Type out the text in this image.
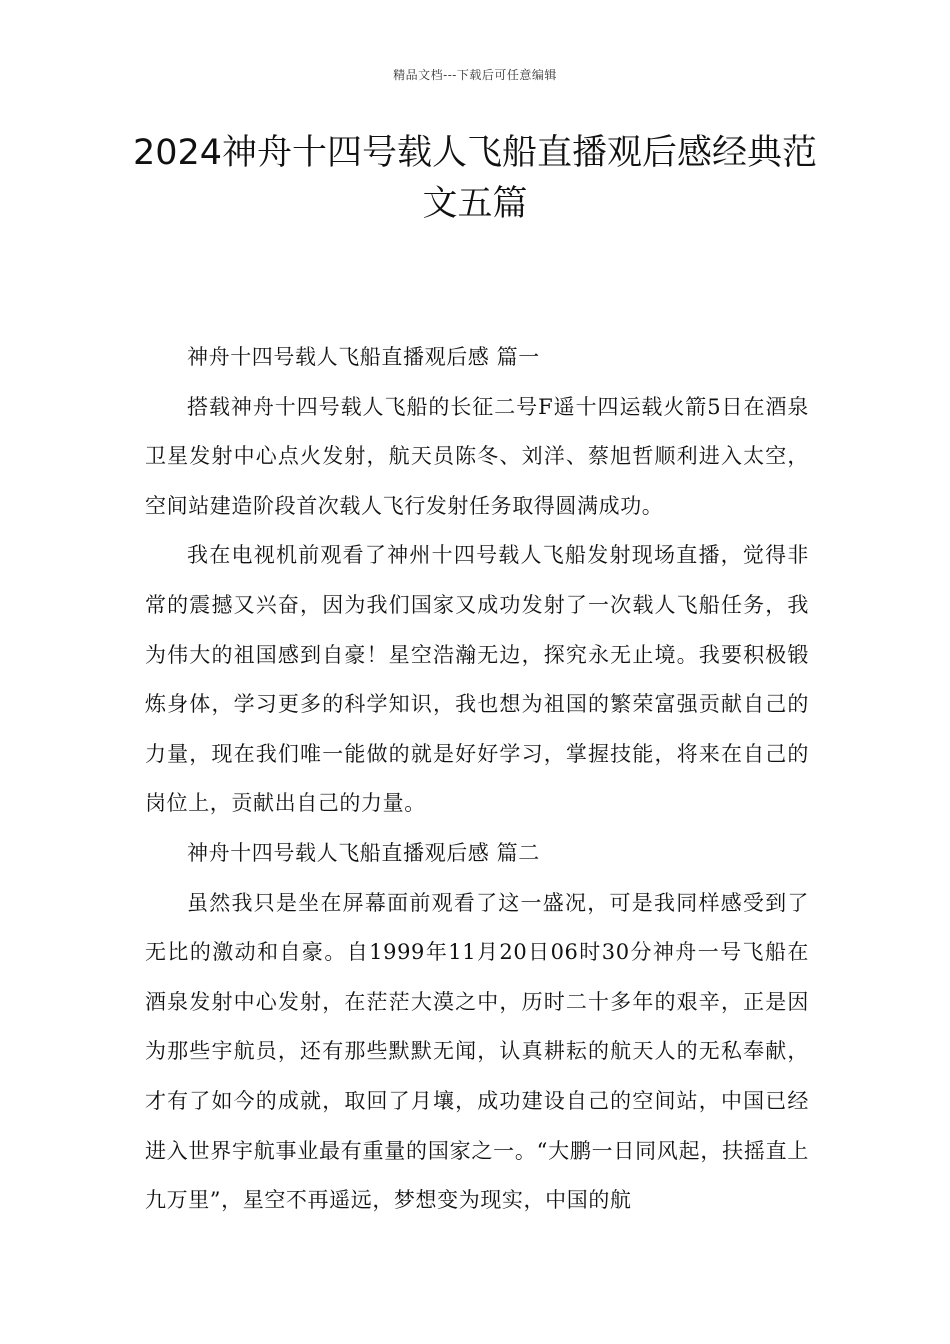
精品文档---下载后可任意编辑
2024神舟十四号载人飞船直播观后感经典范文五篇

神舟十四号载人飞船直播观后感 篇一

搭载神舟十四号载人飞船的长征二号F遥十四运载火箭5日在酒泉卫星发射中心点火发射，航天员陈冬、刘洋、蔡旭哲顺利进入太空，空间站建造阶段首次载人飞行发射任务取得圆满成功。

我在电视机前观看了神州十四号载人飞船发射现场直播，觉得非常的震撼又兴奋，因为我们国家又成功发射了一次载人飞船任务，我为伟大的祖国感到自豪！星空浩瀚无边，探究永无止境。我要积极锻炼身体，学习更多的科学知识，我也想为祖国的繁荣富强贡献自己的力量，现在我们唯一能做的就是好好学习，掌握技能，将来在自己的岗位上，贡献出自己的力量。

神舟十四号载人飞船直播观后感 篇二

虽然我只是坐在屏幕面前观看了这一盛况，可是我同样感受到了无比的激动和自豪。自1999年11月20日06时30分神舟一号飞船在酒泉发射中心发射，在茫茫大漠之中，历时二十多年的艰辛，正是因为那些宇航员，还有那些默默无闻，认真耕耘的航天人的无私奉献，才有了如今的成就，取回了月壤，成功建设自己的空间站，中国已经进入世界宇航事业最有重量的国家之一。“大鹏一日同风起，扶摇直上九万里”，星空不再遥远，梦想变为现实，中国的航
